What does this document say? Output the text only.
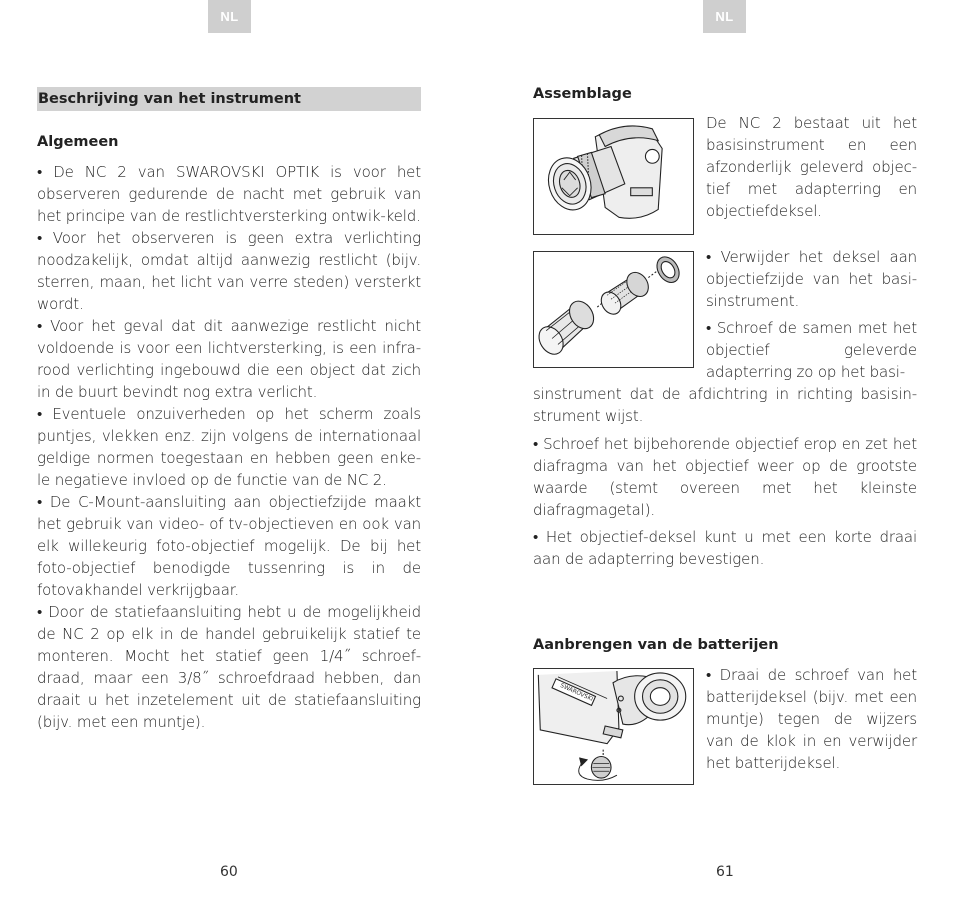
NL
Beschrijving van het instrument
Algemeen

• De NC 2 van SWAROVSKI OPTIK is voor het observeren gedurende de nacht met gebruik van het principe van de restlichtversterking ontwik-keld.

• Voor het observeren is geen extra verlichting noodzakelijk, omdat altijd aanwezig restlicht (bijv. sterren, maan, het licht van verre steden) versterkt wordt.

• Voor het geval dat dit aanwezige restlicht nicht voldoende is voor een lichtversterking, is een infra-rood verlichting ingebouwd die een object dat zich in de buurt bevindt nog extra verlicht.

• Eventuele onzuiverheden op het scherm zoals puntjes, vlekken enz. zijn volgens de internationaal geldige normen toegestaan en hebben geen enke-le negatieve invloed op de functie van de NC 2.

• De C-Mount-aansluiting aan objectiefzijde maakt het gebruik van video- of tv-objectieven en ook van elk willekeurig foto-objectief mogelijk. De bij het foto-objectief benodigde tussenring is in de fotovakhandel verkrijgbaar.

• Door de statiefaansluiting hebt u de mogelijkheid de NC 2 op elk in de handel gebruikelijk statief te monteren. Mocht het statief geen 1/4˝ schroef-draad, maar een 3/8˝ schroefdraad hebben, dan draait u het inzetelement uit de statiefaansluiting (bijv. met een muntje).

60
NL
Assemblage
De NC 2 bestaat uit het basisinstrument en een afzonderlijk geleverd objec-tief met adapterring en objectiefdeksel.
• Verwijder het deksel aan objectiefzijde van het basi-sinstrument.
• Schroef de samen met het objectief geleverde adapterring zo op het basi-
sinstrument dat de afdichtring in richting basisin-strument wijst.
• Schroef het bijbehorende objectief erop en zet het diafragma van het objectief weer op de grootste waarde (stemt overeen met het kleinste diafragmagetal).
• Het objectief-deksel kunt u met een korte draai aan de adapterring bevestigen.
Aanbrengen van de batterijen
SWAROVSKI
• Draai de schroef van het batterijdeksel (bijv. met een muntje) tegen de wijzers van de klok in en verwijder het batterijdeksel.
61
